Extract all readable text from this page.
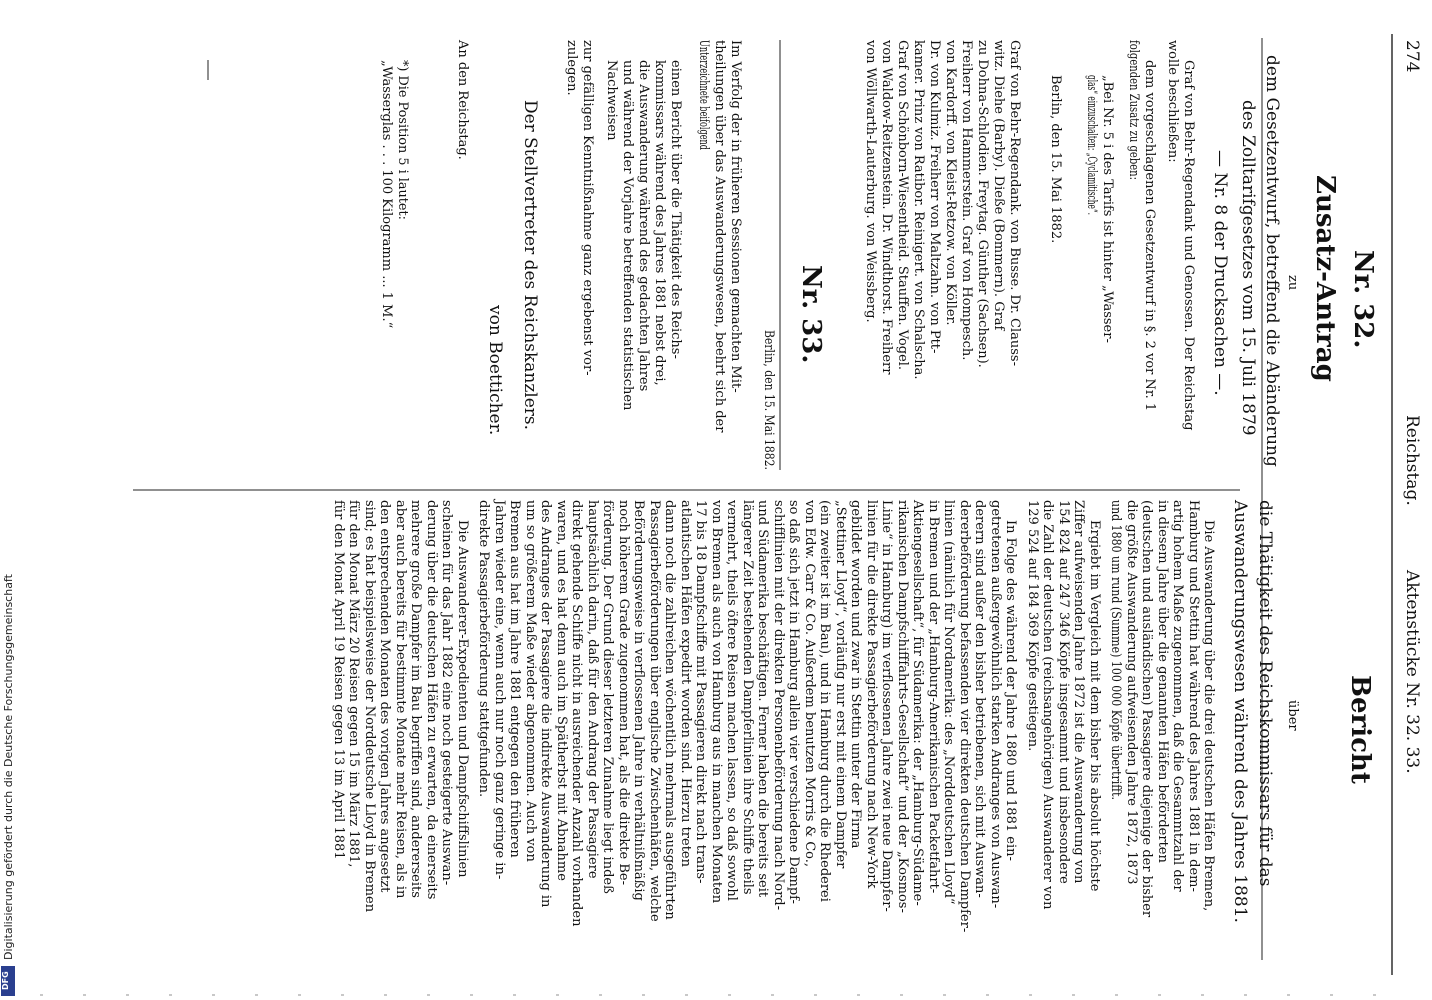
274
Reichstag.
Aktenstücke Nr. 32. 33.
Nr. 32.
Zusatz-Antrag
zu
dem Gesetzentwurf, betreffend die Abänderung
des Zolltarifgesetzes vom 15. Juli 1879
— Nr. 8 der Drucksachen —.
Graf von Behr-Regendank und Genossen. Der Reichstag
wolle beschließen:
dem vorgeschlagenen Gesetzentwurf in §. 2 vor Nr. 1
folgenden Zusatz zu geben:
„Bei Nr. 5 i des Tarifs ist hinter „Wasser-
glas“ einzuschalten: „Cyclamitische“.
Berlin, den 15. Mai 1882.
Graf von Behr-Regendank. von Busse. Dr. Clauss-
witz. Diehe (Barby). Dieße (Bommern). Graf
zu Dohna-Schlodien. Freytag. Günther (Sachsen).
Freiherr von Hammerstein. Graf von Hompesch.
von Kardorff. von Kleist-Retzow. von Köller.
Dr. von Kulmiz. Freiherr von Maltzahn. von Ptt-
kamer. Prinz von Ratibor. Reinigert. von Schalscha.
Graf von Schönborn-Wiesentheid. Stauffen. Vogel.
von Waldow-Reitzenstein. Dr. Windthorst. Freiherr
von Wöllwarth-Lauterburg. von Weissberg.
Nr. 33.
Berlin, den 15. Mai 1882.
Im Verfolg der in früheren Sessionen gemachten Mit-
theilungen über das Auswanderungswesen, beehrt sich der
Unterzeichnete beifolgend
einen Bericht über die Thätigkeit des Reichs-
kommissars während des Jahres 1881 nebst drei,
die Auswanderung während des gedachten Jahres
und während der Vorjahre betreffenden statistischen
Nachweisen
zur gefälligen Kenntnißnahme ganz ergebenst vor-
zulegen.
Der Stellvertreter des Reichskanzlers.
von Boetticher.
An den Reichstag.
*) Die Position 5 i lautet:
„Wasserglas . . . 100 Kilogramm ... 1 M.“
Bericht
über
die Thätigkeit des Reichskommissars für das
Auswanderungswesen während des Jahres 1881.
Die Auswanderung über die drei deutschen Häfen Bremen,
Hamburg und Stettin hat während des Jahres 1881 in dem-
artig hohem Maße zugenommen, daß die Gesammtzahl der
in diesem Jahre über die genannten Häfen beförderten
(deutschen und ausländischen) Passagiere diejenige der bisher
die größte Auswanderung aufweisenden Jahre 1872, 1873
und 1880 um rund (Summe) 100 000 Köpfe übertrifft.
Ergiebt im Vergleich mit dem bisher bis absolut höchste
Ziffer aufweisenden Jahre 1872 ist die Auswanderung von
154 824 auf 247 346 Köpfe insgesammt und insbesondere
die Zahl der deutschen (reichsangehörigen) Auswanderer von
129 524 auf 184 369 Köpfe gestiegen.
In Folge des während der Jahre 1880 und 1881 ein-
getretenen außergewöhnlich starken Andranges von Auswan-
derern sind außer den bisher betriebenen, sich mit Auswan-
dererbeförderung befassenden vier direkten deutschen Dampfer-
linien (nämlich für Nordamerika: des „Norddeutschen Lloyd“
in Bremen und der „Hamburg-Amerikanischen Packetfahrt-
Aktiengesellschaft“, für Südamerika: der „Hamburg-Südame-
rikanischen Dampfschifffahrts-Gesellschaft“ und der „Kosmos-
Linie“ in Hamburg) im verflossenen Jahre zwei neue Dampfer-
linien für die direkte Passagierbeförderung nach New-York
gebildet worden und zwar in Stettin unter der Firma
„Stettiner Lloyd“, vorläufig nur erst mit einem Dampfer
(ein zweiter ist im Bau), und in Hamburg durch die Rhederei
von Edw. Carr & Co. Außerdem benutzen Morris & Co.,
so daß sich jetzt in Hamburg allein vier verschiedene Dampf-
schifflinien mit der direkten Personenbeförderung nach Nord-
und Südamerika beschäftigen. Ferner haben die bereits seit
längerer Zeit bestehenden Dampferlinien ihre Schiffe theils
vermehrt, theils öftere Reisen machen lassen, so daß sowohl
von Bremen als auch von Hamburg aus in manchen Monaten
17 bis 18 Dampfschiffe mit Passagieren direkt nach trans-
atlantischen Häfen expedirt worden sind. Hierzu treten
dann noch die zahlreichen wöchentlich mehrmals ausgeführten
Passagierbeförderungen über englische Zwischenhäfen, welche
Beförderungsweise in verflossenen Jahre in verhältnißmäßig
noch höherem Grade zugenommen hat, als die direkte Be-
förderung. Der Grund dieser letzteren Zunahme liegt indeß
hauptsächlich darin, daß für den Andrang der Passagiere
direkt gehende Schiffe nicht in ausreichender Anzahl vorhanden
waren, und es hat denn auch im Spätherbst mit Abnahme
des Andranges der Passagiere die indirekte Auswanderung in
um so größerem Maße wieder abgenommen. Auch von
Bremen aus hat im Jahre 1881 entgegen den früheren
Jahren wieder eine, wenn auch nur noch ganz geringe in-
direkte Passagierbeförderung stattgefunden.
Die Auswanderer-Expedienten und Dampfschiffslinien
scheinen für das Jahr 1882 eine noch gesteigerte Auswan-
derung über die deutschen Häfen zu erwarten, da einerseits
mehrere große Dampfer im Bau begriffen sind, andererseits
aber auch bereits für bestimmte Monate mehr Reisen, als in
den entsprechenden Monaten des vorigen Jahres angesetzt
sind; es hat beispielsweise der Norddeutsche Lloyd in Bremen
für den Monat März 20 Reisen gegen 15 im März 1881,
für den Monat April 19 Reisen gegen 13 im April 1881
Digitalisierung gefördert durch die Deutsche Forschungsgemeinschaft
DFG
